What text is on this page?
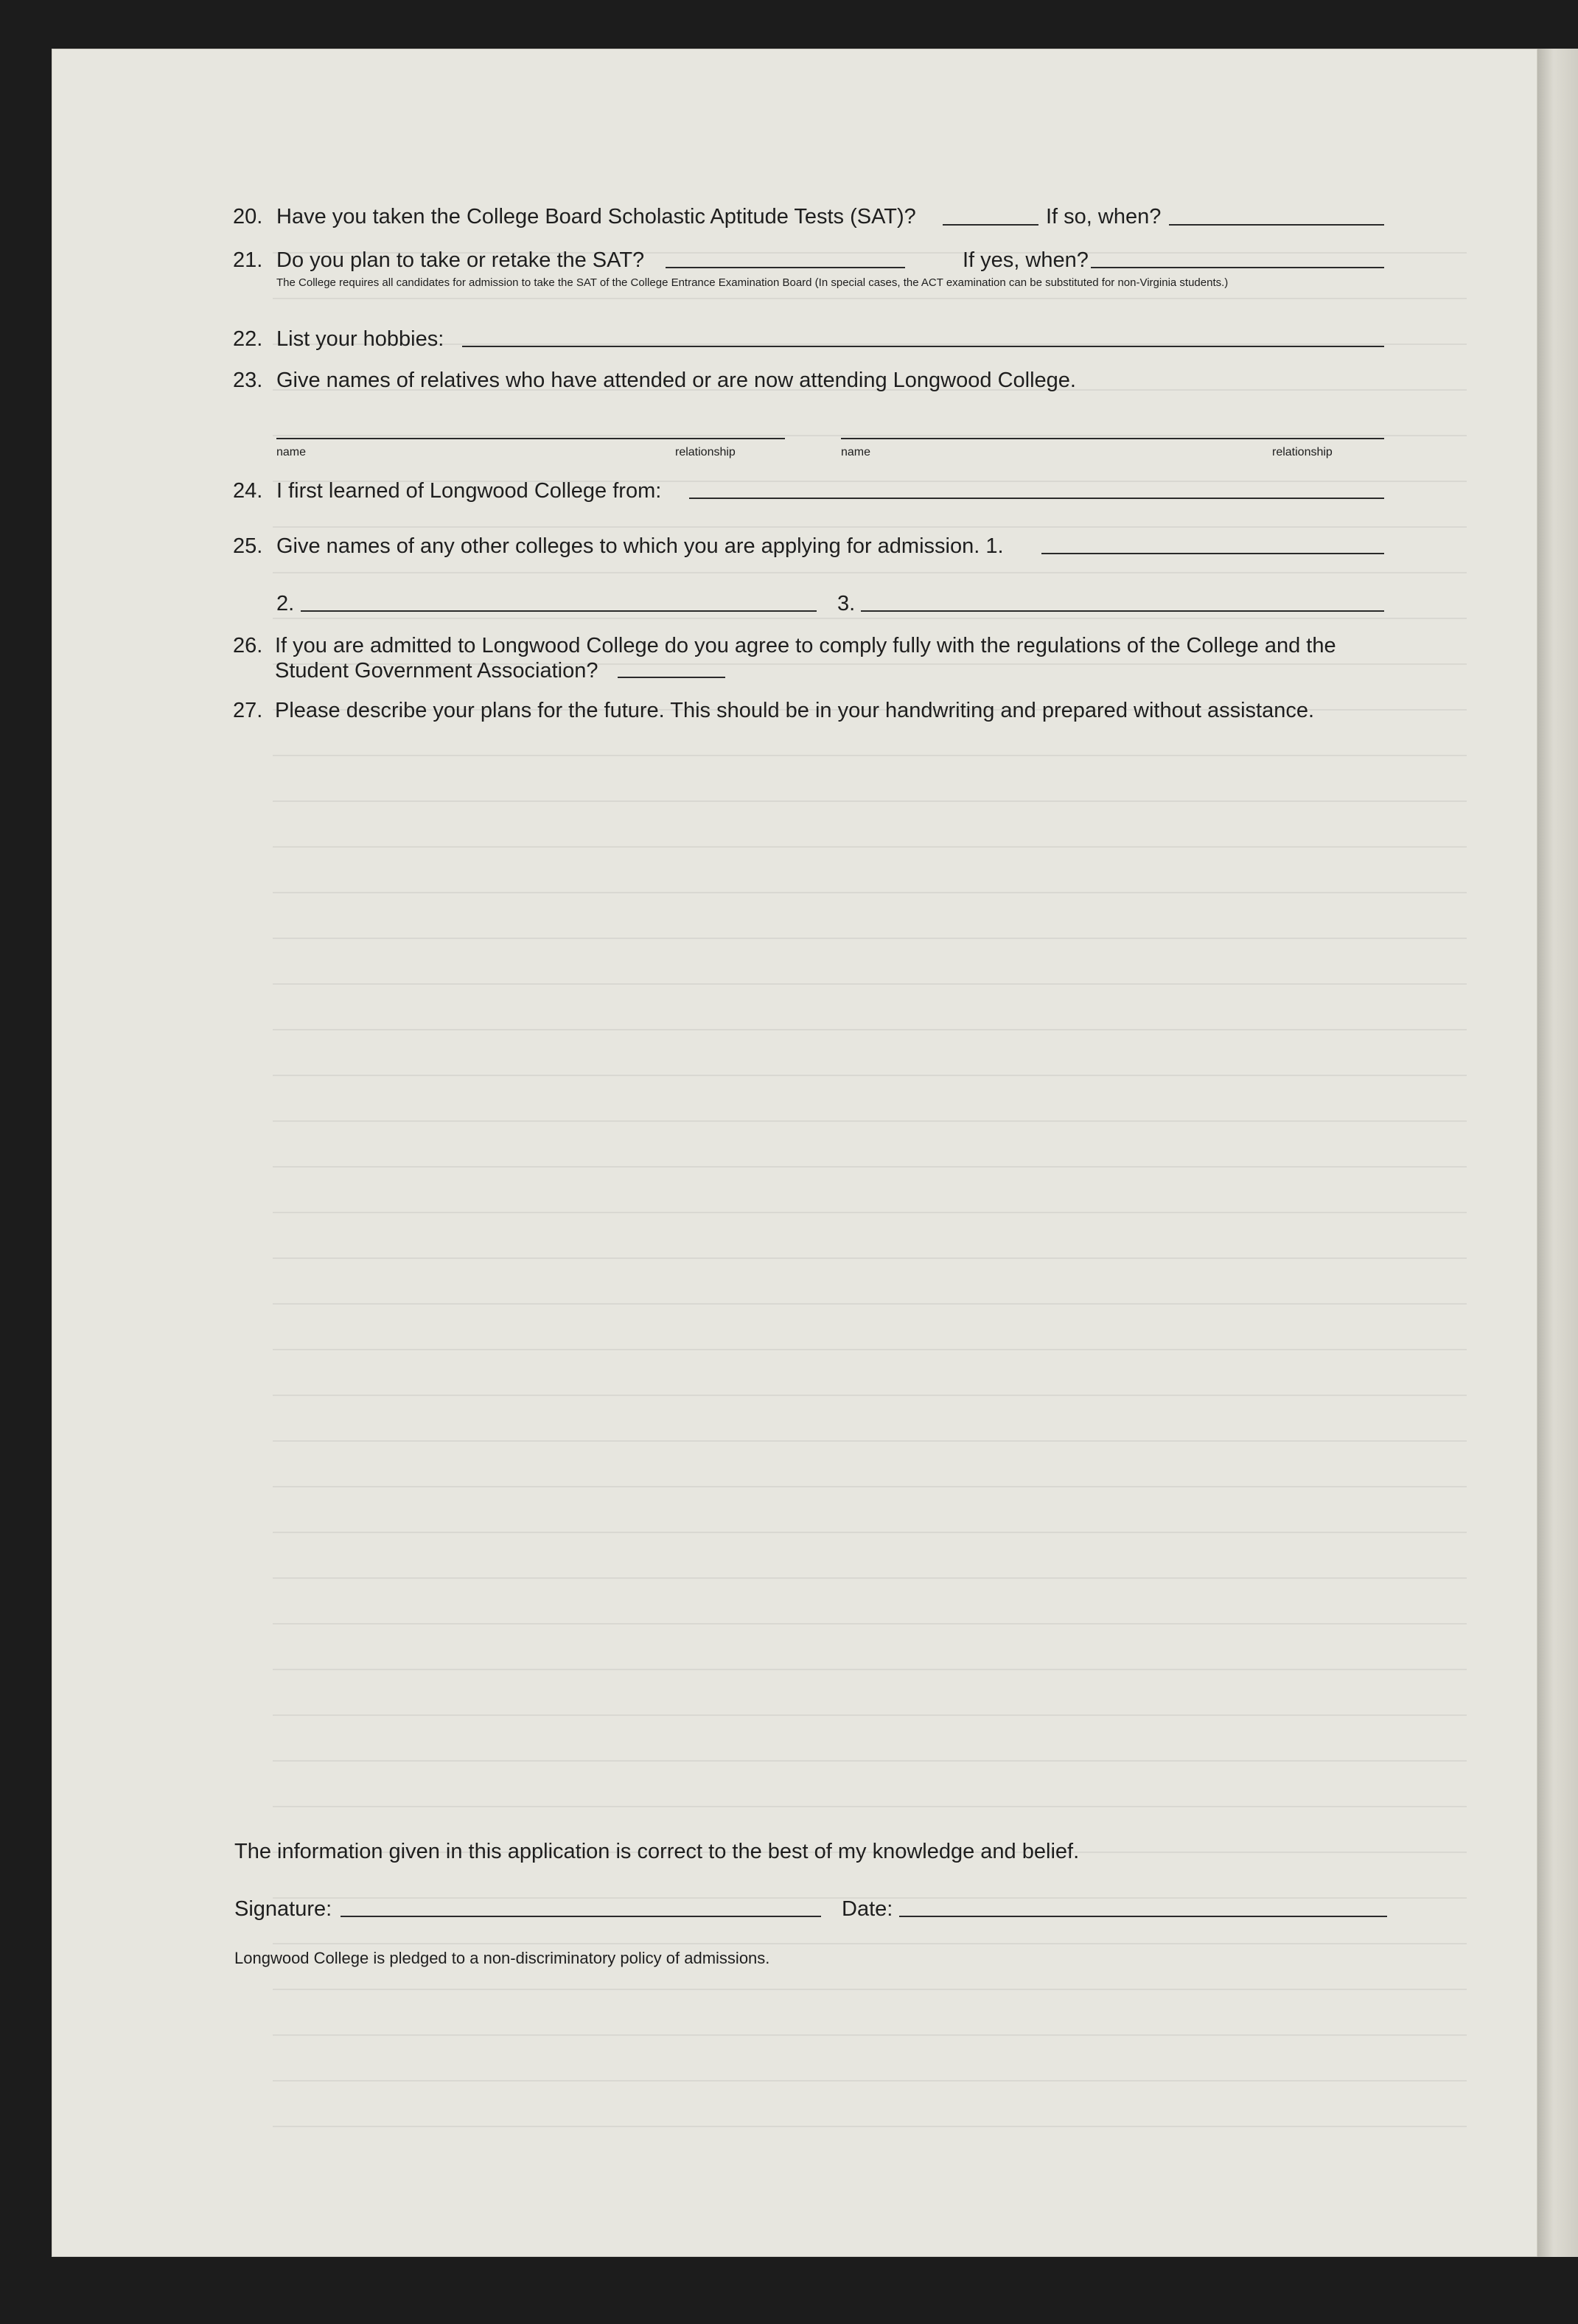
20. Have you taken the College Board Scholastic Aptitude Tests (SAT)?	If so, when?
21. Do you plan to take or retake the SAT?	If yes, when?
The College requires all candidates for admission to take the SAT of the College Entrance Examination Board (In special cases, the ACT examination can be substituted for non-Virginia students.)
22. List your hobbies:
23. Give names of relatives who have attended or are now attending Longwood College.
name	relationship	name	relationship
24. I first learned of Longwood College from:
25. Give names of any other colleges to which you are applying for admission. 1.
2.	3.
26. If you are admitted to Longwood College do you agree to comply fully with the regulations of the College and the
Student Government Association?
27. Please describe your plans for the future. This should be in your handwriting and prepared without assistance.
The information given in this application is correct to the best of my knowledge and belief.
Signature:	Date:
Longwood College is pledged to a non-discriminatory policy of admissions.
